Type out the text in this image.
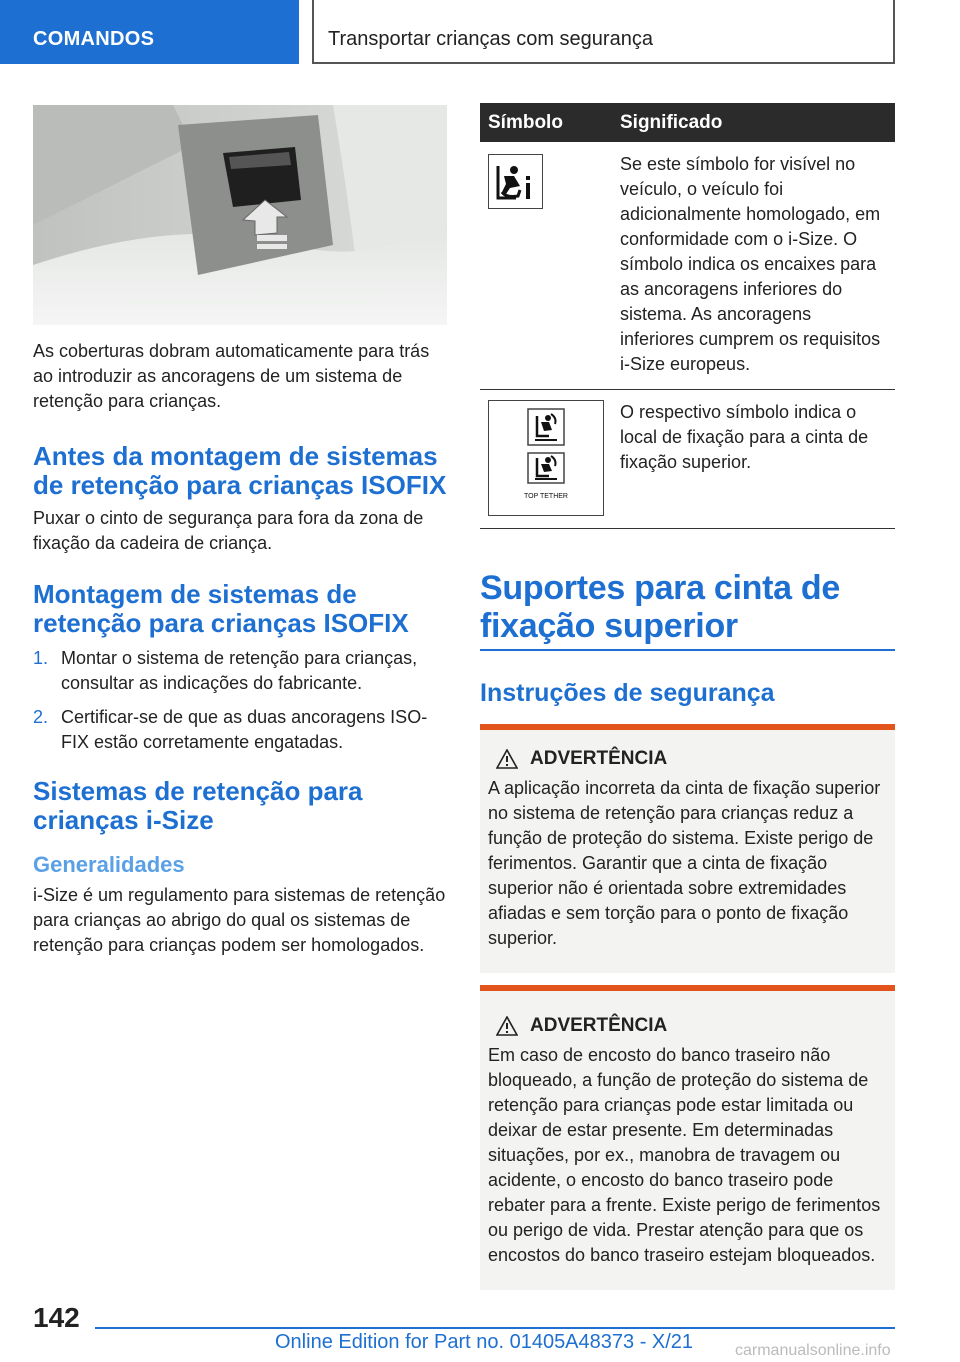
COMANDOS	Transportar crianças com segurança

As coberturas dobram automaticamente para trás ao introduzir as ancoragens de um sistema de retenção para crianças.

Antes da montagem de sistemas de retenção para crianças ISOFIX

Puxar o cinto de segurança para fora da zona de fixação da cadeira de criança.

Montagem de sistemas de retenção para crianças ISOFIX
1. Montar o sistema de retenção para crianças, consultar as indicações do fabricante.
2. Certificar-se de que as duas ancoragens ISO-FIX estão corretamente engatadas.
Sistemas de retenção para crianças i-Size
Generalidades

i-Size é um regulamento para sistemas de retenção para crianças ao abrigo do qual os sistemas de retenção para crianças podem ser homologados.

Símbolo	Significado

	Se este símbolo for visível no veículo, o veículo foi adicionalmente homologado, em conformidade com o i-Size. O símbolo indica os encaixes para as ancoragens inferiores do sistema. As ancoragens inferiores cumprem os requisitos i-Size europeus.

TOP TETHER	O respectivo símbolo indica o local de fixação para a cinta de fixação superior.
Suportes para cinta de fixação superior
Instruções de segurança
ADVERTÊNCIA

A aplicação incorreta da cinta de fixação superior no sistema de retenção para crianças reduz a função de proteção do sistema. Existe perigo de ferimentos. Garantir que a cinta de fixação superior não é orientada sobre extremidades afiadas e sem torção para o ponto de fixação superior.

ADVERTÊNCIA

Em caso de encosto do banco traseiro não bloqueado, a função de proteção do sistema de retenção para crianças pode estar limitada ou deixar de estar presente. Em determinadas situações, por ex., manobra de travagem ou acidente, o encosto do banco traseiro pode rebater para a frente. Existe perigo de ferimentos ou perigo de vida. Prestar atenção para que os encostos do banco traseiro estejam bloqueados.

142
Online Edition for Part no. 01405A48373 - X/21	carmanualsonline.info
